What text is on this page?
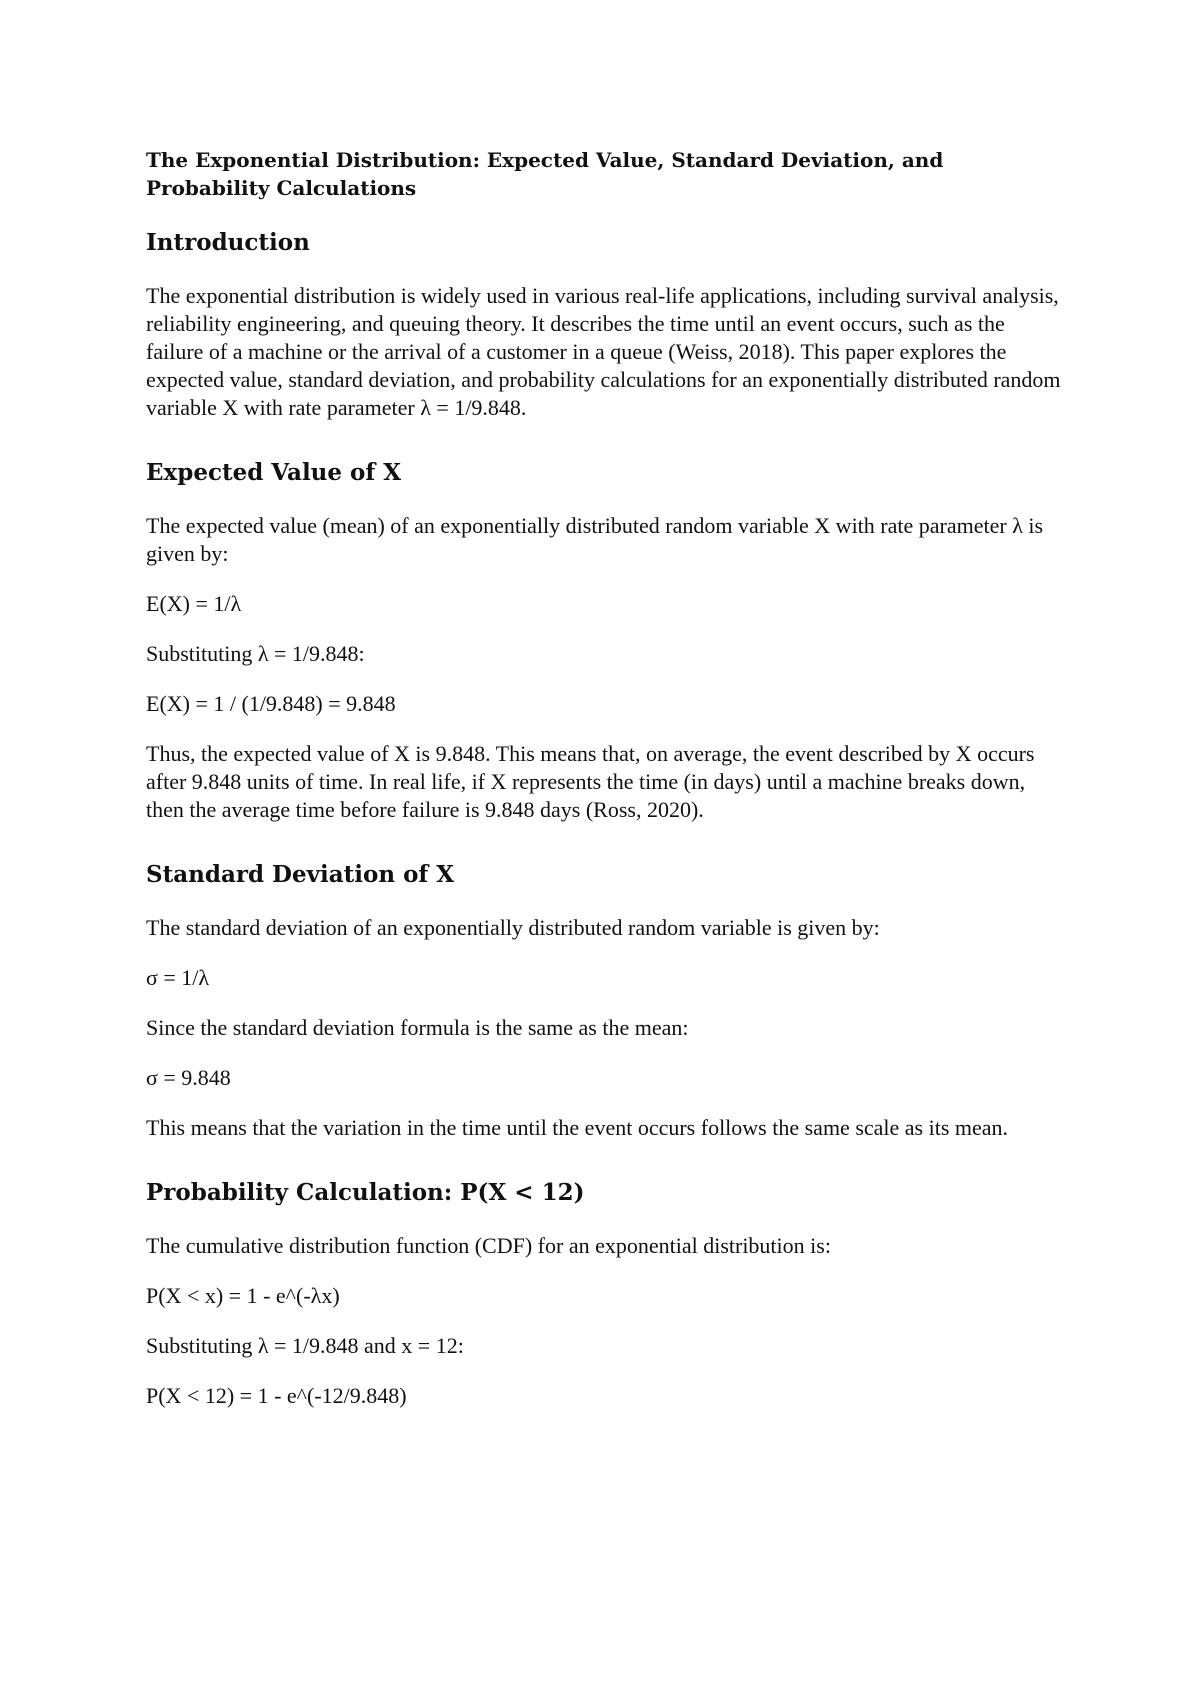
The Exponential Distribution: Expected Value, Standard Deviation, and Probability Calculations
Introduction

The exponential distribution is widely used in various real-life applications, including survival analysis, reliability engineering, and queuing theory. It describes the time until an event occurs, such as the failure of a machine or the arrival of a customer in a queue (Weiss, 2018). This paper explores the expected value, standard deviation, and probability calculations for an exponentially distributed random variable X with rate parameter λ = 1/9.848.

Expected Value of X

The expected value (mean) of an exponentially distributed random variable X with rate parameter λ is given by:

E(X) = 1/λ

Substituting λ = 1/9.848:

E(X) = 1 / (1/9.848) = 9.848

Thus, the expected value of X is 9.848. This means that, on average, the event described by X occurs after 9.848 units of time. In real life, if X represents the time (in days) until a machine breaks down, then the average time before failure is 9.848 days (Ross, 2020).

Standard Deviation of X

The standard deviation of an exponentially distributed random variable is given by:

σ = 1/λ

Since the standard deviation formula is the same as the mean:

σ = 9.848

This means that the variation in the time until the event occurs follows the same scale as its mean.

Probability Calculation: P(X < 12)

The cumulative distribution function (CDF) for an exponential distribution is:

P(X < x) = 1 - e^(-λx)

Substituting λ = 1/9.848 and x = 12:

P(X < 12) = 1 - e^(-12/9.848)
